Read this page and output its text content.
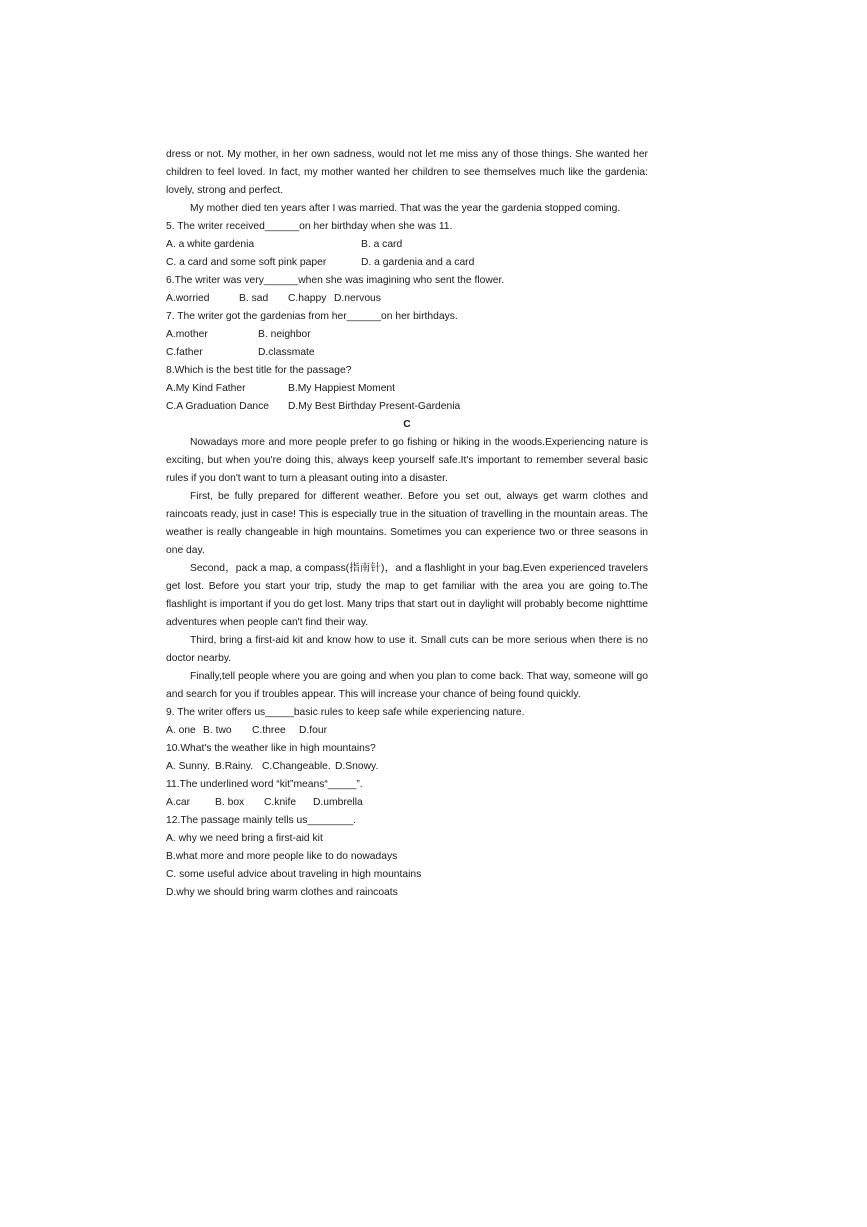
dress or not. My mother, in her own sadness, would not let me miss any of those things. She wanted her children to feel loved. In fact, my mother wanted her children to see themselves much like the gardenia: lovely, strong and perfect.

My mother died ten years after I was married. That was the year the gardenia stopped coming.

5. The writer received______on her birthday when she was 11.

A. a white gardenia	B. a card
C. a card and some soft pink paper	D. a gardenia and a card

6.The writer was very______when she was imagining who sent the flower.

A.worried	B. sad	C.happy D.nervous

7. The writer got the gardenias from her______on her birthdays.

A.mother	B. neighbor
C.father	D.classmate

8.Which is the best title for the passage?

A.My Kind Father	B.My Happiest Moment
C.A Graduation Dance	D.My Best Birthday Present-Gardenia

C

Nowadays more and more people prefer to go fishing or hiking in the woods.Experiencing nature is exciting, but when you're doing this, always keep yourself safe.It's important to remember several basic rules if you don't want to turn a pleasant outing into a disaster.

First, be fully prepared for different weather. Before you set out, always get warm clothes and raincoats ready, just in case! This is especially true in the situation of travelling in the mountain areas. The weather is really changeable in high mountains. Sometimes you can experience two or three seasons in one day.

Second，pack a map, a compass(指南针)，and a flashlight in your bag.Even experienced travelers get lost. Before you start your trip, study the map to get familiar with the area you are going to.The flashlight is important if you do get lost. Many trips that start out in daylight will probably become nighttime adventures when people can't find their way.

Third, bring a first-aid kit and know how to use it. Small cuts can be more serious when there is no doctor nearby.

Finally,tell people where you are going and when you plan to come back. That way, someone will go and search for you if troubles appear. This will increase your chance of being found quickly.

9. The writer offers us_____basic rules to keep safe while experiencing nature.

A. one B. two	C.three	D.four

10.What's the weather like in high mountains?

A. Sunny. B.Rainy. C.Changeable. D.Snowy.

11.The underlined word “kit”means“_____”.

A.car	B. box	C.knife	D.umbrella

12.The passage mainly tells us________.

A. why we need bring a first-aid kit

B.what more and more people like to do nowadays

C. some useful advice about traveling in high mountains

D.why we should bring warm clothes and raincoats
